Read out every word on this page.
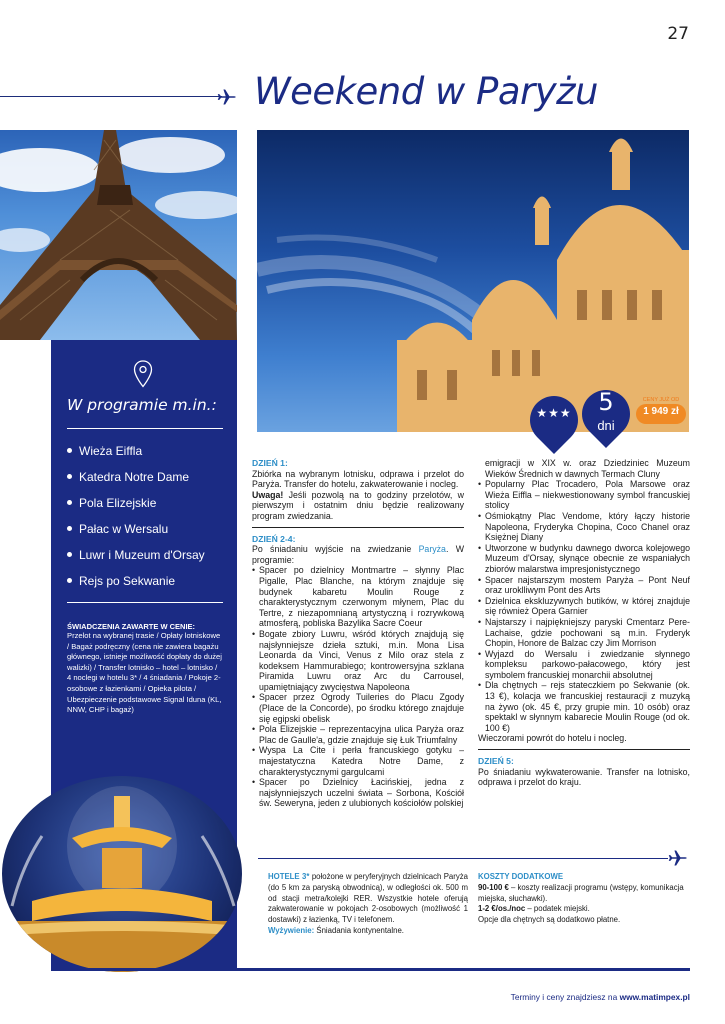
27
Weekend w Paryżu
★★★	5
dni
CENY JUŻ OD
1 949 zł
W programie m.in.:
Wieża Eiffla
Katedra Notre Dame
Pola Elizejskie
Pałac w Wersalu
Luwr i Muzeum d'Orsay
Rejs po Sekwanie
ŚWIADCZENIA ZAWARTE W CENIE:
Przelot na wybranej trasie / Opłaty lotniskowe / Bagaż podręczny (cena nie zawiera bagażu głównego, istnieje możliwość dopłaty do dużej walizki) / Transfer lotnisko – hotel – lotnisko / 4 noclegi w hotelu 3* / 4 śniadania / Pokoje 2-osobowe z łazienkami / Opieka pilota / Ubezpieczenie podstawowe Signal Iduna (KL, NNW, CHP i bagaż)
DZIEŃ 1:
Zbiórka na wybranym lotnisku, odprawa i przelot do Paryża. Transfer do hotelu, zakwaterowanie i nocleg.
Uwaga! Jeśli pozwolą na to godziny przelotów, w pierwszym i ostatnim dniu będzie realizowany program zwiedzania.
DZIEŃ 2-4:
Po śniadaniu wyjście na zwiedzanie Paryża. W programie:
• Spacer po dzielnicy Montmartre – słynny Plac Pigalle, Plac Blanche, na którym znajduje się budynek kabaretu Moulin Rouge z charakterystycznym czerwonym młynem, Plac du Tertre, z niezapomnianą artystyczną i rozrywkową atmosferą, pobliska Bazylika Sacre Coeur
• Bogate zbiory Luwru, wśród których znajdują się najsłynniejsze dzieła sztuki, m.in. Mona Lisa Leonarda da Vinci, Venus z Milo oraz stela z kodeksem Hammurabiego; kontrowersyjna szklana Piramida Luwru oraz Arc du Carrousel, upamiętniający zwycięstwa Napoleona
• Spacer przez Ogrody Tuileries do Placu Zgody (Place de la Concorde), po środku którego znajduje się egipski obelisk
• Pola Elizejskie – reprezentacyjna ulica Paryża oraz Plac de Gaulle'a, gdzie znajduje się Łuk Triumfalny
• Wyspa La Cite i perła francuskiego gotyku – majestatyczna Katedra Notre Dame, z charakterystycznymi gargulcami
• Spacer po Dzielnicy Łacińskiej, jedna z najsłynniejszych uczelni świata – Sorbona, Kościół św. Seweryna, jeden z ulubionych kościołów polskiej
emigracji w XIX w. oraz Dziedziniec Muzeum Wieków Średnich w dawnych Termach Cluny
• Popularny Plac Trocadero, Pola Marsowe oraz Wieża Eiffla – niekwestionowany symbol francuskiej stolicy
• Ośmiokątny Plac Vendome, który łączy historie Napoleona, Fryderyka Chopina, Coco Chanel oraz Księżnej Diany
• Utworzone w budynku dawnego dworca kolejowego Muzeum d'Orsay, słynące obecnie ze wspaniałych zbiorów malarstwa impresjonistycznego
• Spacer najstarszym mostem Paryża – Pont Neuf oraz uroklliwym Pont des Arts
• Dzielnica ekskluzywnych butików, w której znajduje się również Opera Garnier
• Najstarszy i najpiękniejszy paryski Cmentarz Pere-Lachaise, gdzie pochowani są m.in. Fryderyk Chopin, Honore de Balzac czy Jim Morrison
• Wyjazd do Wersalu i zwiedzanie słynnego kompleksu parkowo-pałacowego, który jest symbolem francuskiej monarchii absolutnej
• Dla chętnych – rejs stateczkiem po Sekwanie (ok. 13 €), kolacja we francuskiej restauracji z muzyką na żywo (ok. 45 €, przy grupie min. 10 osób) oraz spektakl w słynnym kabarecie Moulin Rouge (od ok. 100 €)
Wieczorami powrót do hotelu i nocleg.
DZIEŃ 5:
Po śniadaniu wykwaterowanie. Transfer na lotnisko, odprawa i przelot do kraju.
HOTELE 3* położone w peryferyjnych dzielnicach Paryża (do 5 km za paryską obwodnicą), w odległości ok. 500 m od stacji metra/kolejki RER. Wszystkie hotele oferują zakwaterowanie w pokojach 2-osobowych (możliwość 1 dostawki) z łazienką, TV i telefonem.
Wyżywienie: Śniadania kontynentalne.
KOSZTY DODATKOWE
90-100 € – koszty realizacji programu (wstępy, komunikacja miejska, słuchawki).
1-2 €/os./noc – podatek miejski.
Opcje dla chętnych są dodatkowo płatne.
Terminy i ceny znajdziesz na www.matimpex.pl
